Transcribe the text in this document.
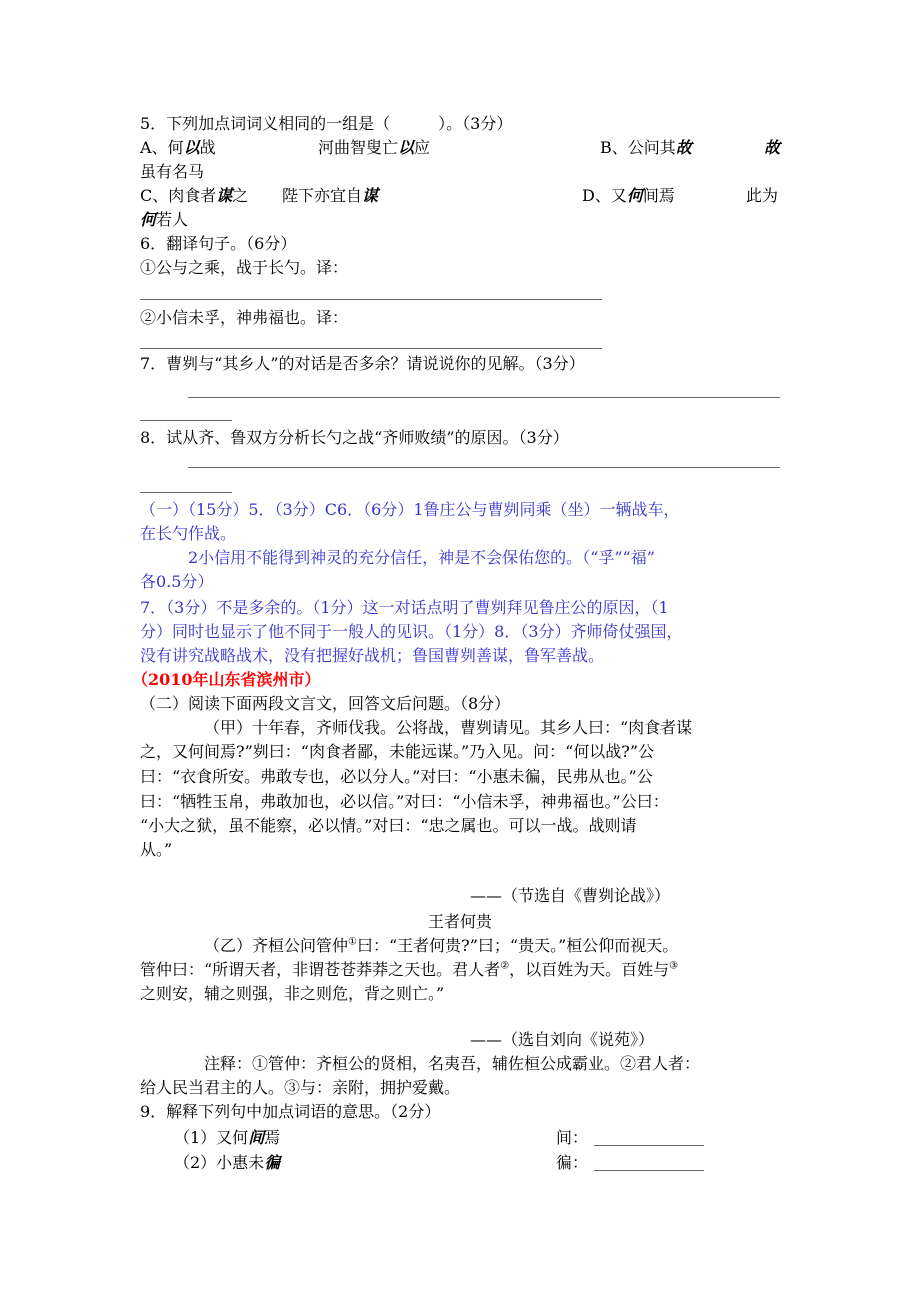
5．下列加点词词义相同的一组是（　　　）。（3分）
A、何以战	河曲智叟亡以应	B、公问其故	故
虽有名马
C、肉食者谋之 陛下亦宜自谋	D、又何间焉	此为
何若人
6．翻译句子。（6分）
①公与之乘，战于长勺。译：
②小信未孚，神弗福也。译：
7．曹刿与“其乡人”的对话是否多余？请说说你的见解。（3分）
8．试从齐、鲁双方分析长勺之战“齐师败绩”的原因。（3分）
（一）（15分）5．（3分）C6．（6分）1鲁庄公与曹刿同乘（坐）一辆战车，
在长勺作战。
2小信用不能得到神灵的充分信任，神是不会保佑您的。（“孚”“福”
各0.5分）
7．（3分）不是多余的。（1分）这一对话点明了曹刿拜见鲁庄公的原因，（1
分）同时也显示了他不同于一般人的见识。（1分）8．（3分）齐师倚仗强国，
没有讲究战略战术，没有把握好战机；鲁国曹刿善谋，鲁军善战。
（2010年山东省滨州市）
（二）阅读下面两段文言文，回答文后问题。（8分）
（甲）十年春，齐师伐我。公将战，曹刿请见。其乡人曰：“肉食者谋
之，又何间焉?”刿曰：“肉食者鄙，未能远谋。”乃入见。问：“何以战?”公
曰：“衣食所安。弗敢专也，必以分人。”对曰：“小惠未徧，民弗从也。”公
曰：“牺牲玉帛，弗敢加也，必以信。”对曰：“小信未孚，神弗福也。”公曰：
“小大之狱，虽不能察，必以情。”对曰：“忠之属也。可以一战。战则请
从。”
——（节选自《曹刿论战》）
王者何贵
（乙）齐桓公问管仲①曰：“王者何贵?”曰；“贵天。”桓公仰而视天。
管仲曰：“所谓天者，非谓苍苍莽莽之天也。君人者②，以百姓为天。百姓与③
之则安，辅之则强，非之则危，背之则亡。”
——（选自刘向《说苑》）
注释：①管仲：齐桓公的贤相，名夷吾，辅佐桓公成霸业。②君人者：
给人民当君主的人。③与：亲附，拥护爱戴。
9．解释下列句中加点词语的意思。（2分）
（1）又何间焉	间：
（2）小惠未徧	徧：
